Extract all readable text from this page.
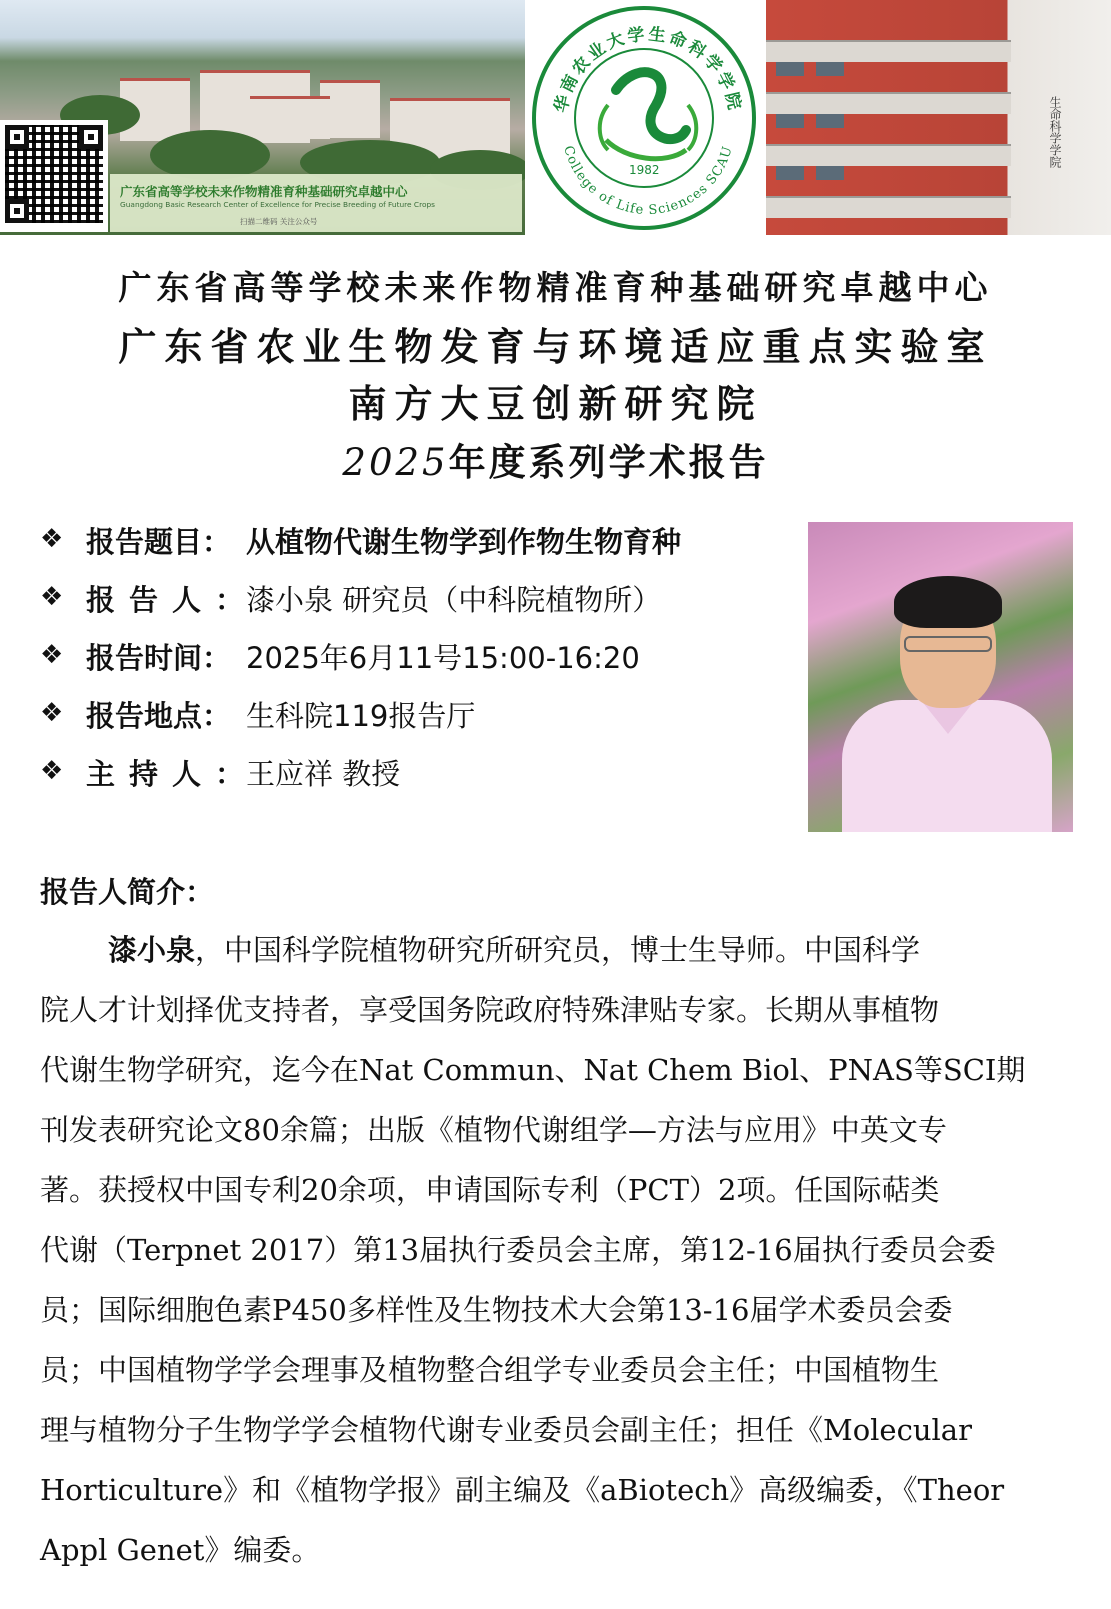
广东省高等学校未来作物精准育种基础研究卓越中心
Guangdong Basic Research Center of Excellence for Precise Breeding of Future Crops
扫描二维码 关注公众号
华南农业大学生命科学学院
College of Life Sciences SCAU
1982
生命科学学院
广东省高等学校未来作物精准育种基础研究卓越中心
广东省农业生物发育与环境适应重点实验室
南方大豆创新研究院
2025年度系列学术报告
❖ 报告题目： 从植物代谢生物学到作物生物育种
❖ 报告人： 漆小泉 研究员（中科院植物所）
❖ 报告时间： 2025年6月11号15:00-16:20
❖ 报告地点： 生科院119报告厅
❖ 主持人： 王应祥 教授
报告人简介：
漆小泉，中国科学院植物研究所研究员，博士生导师。中国科学
院人才计划择优支持者，享受国务院政府特殊津贴专家。长期从事植物
代谢生物学研究，迄今在Nat Commun、Nat Chem Biol、PNAS等SCI期
刊发表研究论文80余篇；出版《植物代谢组学—方法与应用》中英文专
著。获授权中国专利20余项，申请国际专利（PCT）2项。任国际萜类
代谢（Terpnet 2017）第13届执行委员会主席，第12-16届执行委员会委
员；国际细胞色素P450多样性及生物技术大会第13-16届学术委员会委
员；中国植物学学会理事及植物整合组学专业委员会主任；中国植物生
理与植物分子生物学学会植物代谢专业委员会副主任；担任《Molecular
Horticulture》和《植物学报》副主编及《aBiotech》高级编委，《Theor
Appl Genet》编委。
